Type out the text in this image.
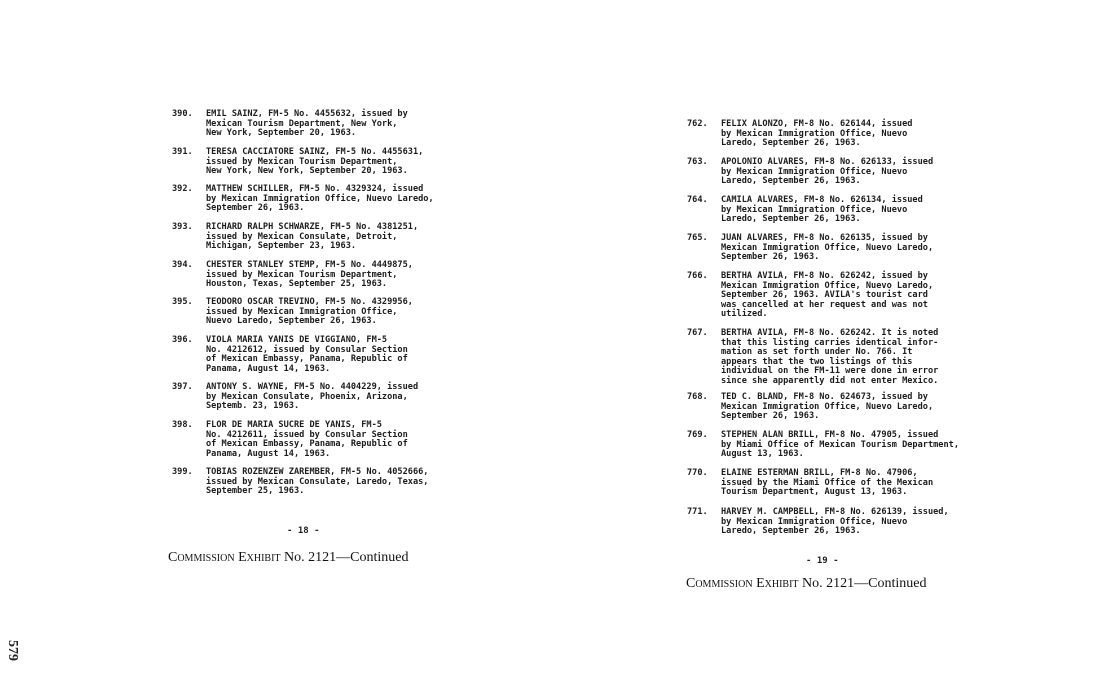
390. EMIL SAINZ, FM-5 No. 4455632, issued by
Mexican Tourism Department, New York,
New York, September 20, 1963.
391. TERESA CACCIATORE SAINZ, FM-5 No. 4455631,
issued by Mexican Tourism Department,
New York, New York, September 20, 1963.
392. MATTHEW SCHILLER, FM-5 No. 4329324, issued
by Mexican Immigration Office, Nuevo Laredo,
September 26, 1963.
393. RICHARD RALPH SCHWARZE, FM-5 No. 4381251,
issued by Mexican Consulate, Detroit,
Michigan, September 23, 1963.
394. CHESTER STANLEY STEMP, FM-5 No. 4449875,
issued by Mexican Tourism Department,
Houston, Texas, September 25, 1963.
395. TEODORO OSCAR TREVINO, FM-5 No. 4329956,
issued by Mexican Immigration Office,
Nuevo Laredo, September 26, 1963.
396. VIOLA MARIA YANIS DE VIGGIANO, FM-5
No. 4212612, issued by Consular Section
of Mexican Embassy, Panama, Republic of
Panama, August 14, 1963.
397. ANTONY S. WAYNE, FM-5 No. 4404229, issued
by Mexican Consulate, Phoenix, Arizona,
Septemb. 23, 1963.
398. FLOR DE MARIA SUCRE DE YANIS, FM-5
No. 4212611, issued by Consular Section
of Mexican Embassy, Panama, Republic of
Panama, August 14, 1963.
399. TOBIAS ROZENZEW ZAREMBER, FM-5 No. 4052666,
issued by Mexican Consulate, Laredo, Texas,
September 25, 1963.
- 18 -
Commission Exhibit No. 2121—Continued
762. FELIX ALONZO, FM-8 No. 626144, issued
by Mexican Immigration Office, Nuevo
Laredo, September 26, 1963.
763. APOLONIO ALVARES, FM-8 No. 626133, issued
by Mexican Immigration Office, Nuevo
Laredo, September 26, 1963.
764. CAMILA ALVARES, FM-8 No. 626134, issued
by Mexican Immigration Office, Nuevo
Laredo, September 26, 1963.
765. JUAN ALVARES, FM-8 No. 626135, issued by
Mexican Immigration Office, Nuevo Laredo,
September 26, 1963.
766. BERTHA AVILA, FM-8 No. 626242, issued by
Mexican Immigration Office, Nuevo Laredo,
September 26, 1963. AVILA's tourist card
was cancelled at her request and was not
utilized.
767. BERTHA AVILA, FM-8 No. 626242. It is noted
that this listing carries identical infor-
mation as set forth under No. 766. It
appears that the two listings of this
individual on the FM-11 were done in error
since she apparently did not enter Mexico.
768. TED C. BLAND, FM-8 No. 624673, issued by
Mexican Immigration Office, Nuevo Laredo,
September 26, 1963.
769. STEPHEN ALAN BRILL, FM-8 No. 47905, issued
by Miami Office of Mexican Tourism Department,
August 13, 1963.
770. ELAINE ESTERMAN BRILL, FM-8 No. 47906,
issued by the Miami Office of the Mexican
Tourism Department, August 13, 1963.
771. HARVEY M. CAMPBELL, FM-8 No. 626139, issued,
by Mexican Immigration Office, Nuevo
Laredo, September 26, 1963.
- 19 -
Commission Exhibit No. 2121—Continued
579
